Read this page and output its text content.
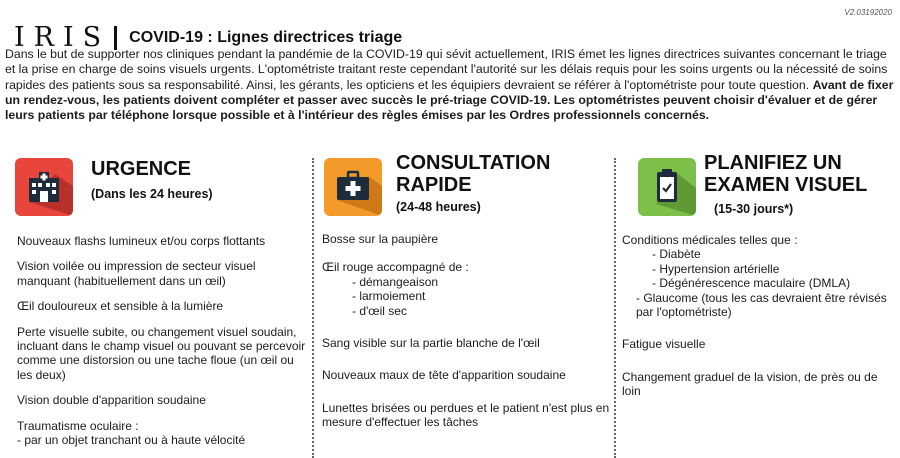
V2.03192020
IRIS COVID-19 : Lignes directrices triage
Dans le but de supporter nos cliniques pendant la pandémie de la COVID-19 qui sévit actuellement, IRIS émet les lignes directrices suivantes concernant le triage et la prise en charge de soins visuels urgents. L'optométriste traitant reste cependant l'autorité sur les délais requis pour les soins urgents ou la nécessité de soins rapides des patients sous sa responsabilité. Ainsi, les gérants, les opticiens et les équipiers devraient se référer à l'optométriste pour toute question. Avant de fixer un rendez-vous, les patients doivent compléter et passer avec succès le pré-triage COVID-19. Les optométristes peuvent choisir d'évaluer et de gérer leurs patients par téléphone lorsque possible et à l'intérieur des règles émises par les Ordres professionnels concernés.
URGENCE
(Dans les 24 heures)
Nouveaux flashs lumineux et/ou corps flottants
Vision voilée ou impression de secteur visuel manquant (habituellement dans un œil)
Œil douloureux et sensible à la lumière
Perte visuelle subite, ou changement visuel soudain, incluant dans le champ visuel ou pouvant se percevoir comme une distorsion ou une tache floue (un œil ou les deux)
Vision double d'apparition soudaine
Traumatisme oculaire :
- par un objet tranchant ou à haute vélocité
CONSULTATION
RAPIDE
(24-48 heures)
Bosse sur la paupière
Œil rouge accompagné de :
- démangeaison
- larmoiement
- d'œil sec
Sang visible sur la partie blanche de l'œil
Nouveaux maux de tête d'apparition soudaine
Lunettes brisées ou perdues et le patient n'est plus en mesure d'effectuer les tâches
PLANIFIEZ UN
EXAMEN VISUEL
(15-30 jours*)
Conditions médicales telles que :
- Diabète
- Hypertension artérielle
- Dégénérescence maculaire (DMLA)
- Glaucome (tous les cas devraient être révisés par l'optométriste)
Fatigue visuelle
Changement graduel de la vision, de près ou de loin
